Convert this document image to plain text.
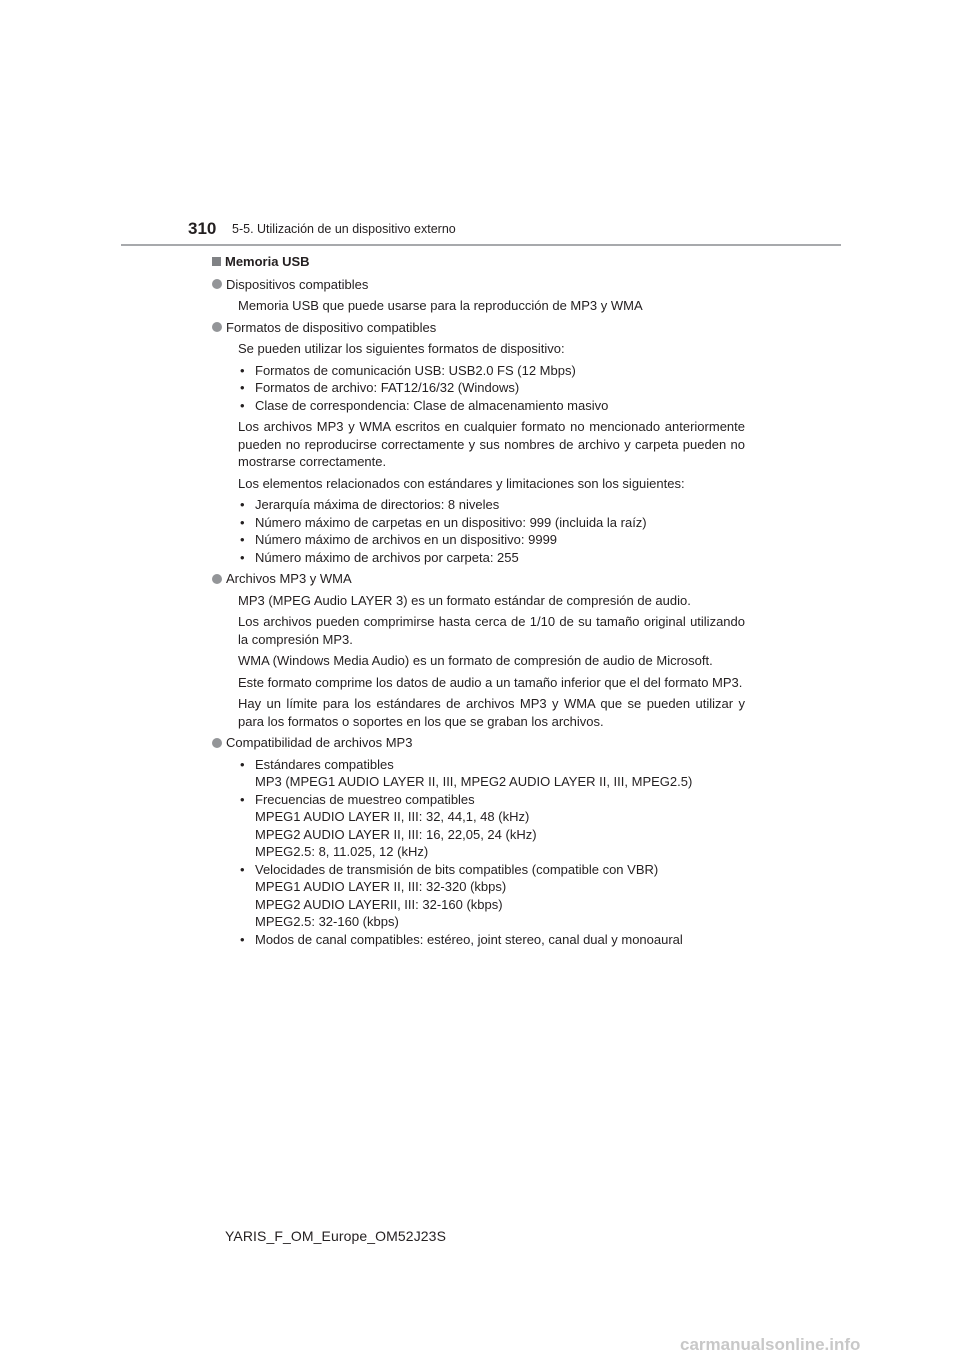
310 5-5. Utilización de un dispositivo externo
Memoria USB
Dispositivos compatibles

Memoria USB que puede usarse para la reproducción de MP3 y WMA

Formatos de dispositivo compatibles

Se pueden utilizar los siguientes formatos de dispositivo:

• Formatos de comunicación USB: USB2.0 FS (12 Mbps)
• Formatos de archivo: FAT12/16/32 (Windows)
• Clase de correspondencia: Clase de almacenamiento masivo

Los archivos MP3 y WMA escritos en cualquier formato no mencionado anteriormente pueden no reproducirse correctamente y sus nombres de archivo y carpeta pueden no mostrarse correctamente.

Los elementos relacionados con estándares y limitaciones son los siguientes:

• Jerarquía máxima de directorios: 8 niveles
• Número máximo de carpetas en un dispositivo: 999 (incluida la raíz)
• Número máximo de archivos en un dispositivo: 9999
• Número máximo de archivos por carpeta: 255
Archivos MP3 y WMA

MP3 (MPEG Audio LAYER 3) es un formato estándar de compresión de audio.

Los archivos pueden comprimirse hasta cerca de 1/10 de su tamaño original utilizando la compresión MP3.

WMA (Windows Media Audio) es un formato de compresión de audio de Microsoft.

Este formato comprime los datos de audio a un tamaño inferior que el del formato MP3.

Hay un límite para los estándares de archivos MP3 y WMA que se pueden utilizar y para los formatos o soportes en los que se graban los archivos.

Compatibilidad de archivos MP3
• Estándares compatibles
MP3 (MPEG1 AUDIO LAYER II, III, MPEG2 AUDIO LAYER II, III, MPEG2.5)
• Frecuencias de muestreo compatibles
MPEG1 AUDIO LAYER II, III: 32, 44,1, 48 (kHz)
MPEG2 AUDIO LAYER II, III: 16, 22,05, 24 (kHz)
MPEG2.5: 8, 11.025, 12 (kHz)
• Velocidades de transmisión de bits compatibles (compatible con VBR)
MPEG1 AUDIO LAYER II, III: 32-320 (kbps)
MPEG2 AUDIO LAYERII, III: 32-160 (kbps)
MPEG2.5: 32-160 (kbps)
• Modos de canal compatibles: estéreo, joint stereo, canal dual y monoaural
YARIS_F_OM_Europe_OM52J23S
carmanualsonline.info
